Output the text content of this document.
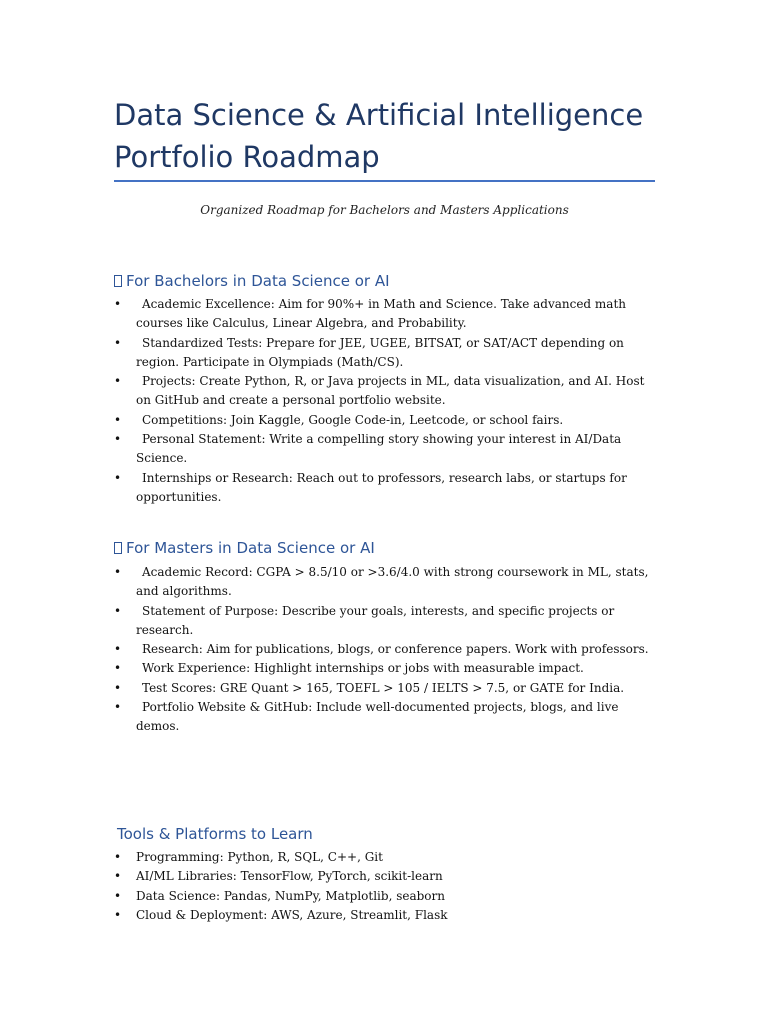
Data Science & Artificial Intelligence Portfolio Roadmap
Organized Roadmap for Bachelors and Masters Applications
For Bachelors in Data Science or AI
•	Academic Excellence: Aim for 90%+ in Math and Science. Take advanced math courses like Calculus, Linear Algebra, and Probability.
•	Standardized Tests: Prepare for JEE, UGEE, BITSAT, or SAT/ACT depending on region. Participate in Olympiads (Math/CS).
•	Projects: Create Python, R, or Java projects in ML, data visualization, and AI. Host on GitHub and create a personal portfolio website.
•	Competitions: Join Kaggle, Google Code-in, Leetcode, or school fairs.
•	Personal Statement: Write a compelling story showing your interest in AI/Data Science.
•	Internships or Research: Reach out to professors, research labs, or startups for opportunities.
For Masters in Data Science or AI
•	Academic Record: CGPA > 8.5/10 or >3.6/4.0 with strong coursework in ML, stats, and algorithms.
•	Statement of Purpose: Describe your goals, interests, and specific projects or research.
•	Research: Aim for publications, blogs, or conference papers. Work with professors.
•	Work Experience: Highlight internships or jobs with measurable impact.
•	Test Scores: GRE Quant > 165, TOEFL > 105 / IELTS > 7.5, or GATE for India.
•	Portfolio Website & GitHub: Include well-documented projects, blogs, and live demos.
Tools & Platforms to Learn
• Programming: Python, R, SQL, C++, Git
• AI/ML Libraries: TensorFlow, PyTorch, scikit-learn
• Data Science: Pandas, NumPy, Matplotlib, seaborn
• Cloud & Deployment: AWS, Azure, Streamlit, Flask
